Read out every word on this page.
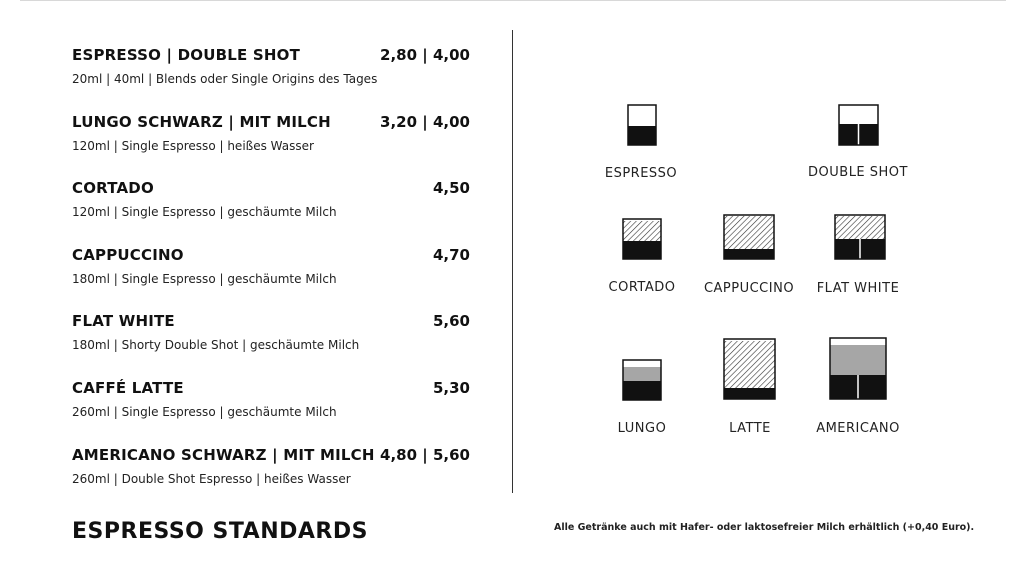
ESPRESSO | DOUBLE SHOT	2,80 | 4,00
20ml | 40ml | Blends oder Single Origins des Tages
LUNGO SCHWARZ | MIT MILCH	3,20 | 4,00
120ml | Single Espresso | heißes Wasser
CORTADO	4,50
120ml | Single Espresso | geschäumte Milch
CAPPUCCINO	4,70
180ml | Single Espresso | geschäumte Milch
FLAT WHITE	5,60
180ml | Shorty Double Shot | geschäumte Milch
CAFFÉ LATTE	5,30
260ml | Single Espresso | geschäumte Milch
AMERICANO SCHWARZ | MIT MILCH 4,80 | 5,60
260ml | Double Shot Espresso | heißes Wasser
ESPRESSO STANDARDS	Alle Getränke auch mit Hafer- oder laktosefreier Milch erhältlich (+0,40 Euro).
ESPRESSO	DOUBLE SHOT
CORTADO CAPPUCCINO FLAT WHITE
LUNGO	LATTE	AMERICANO
